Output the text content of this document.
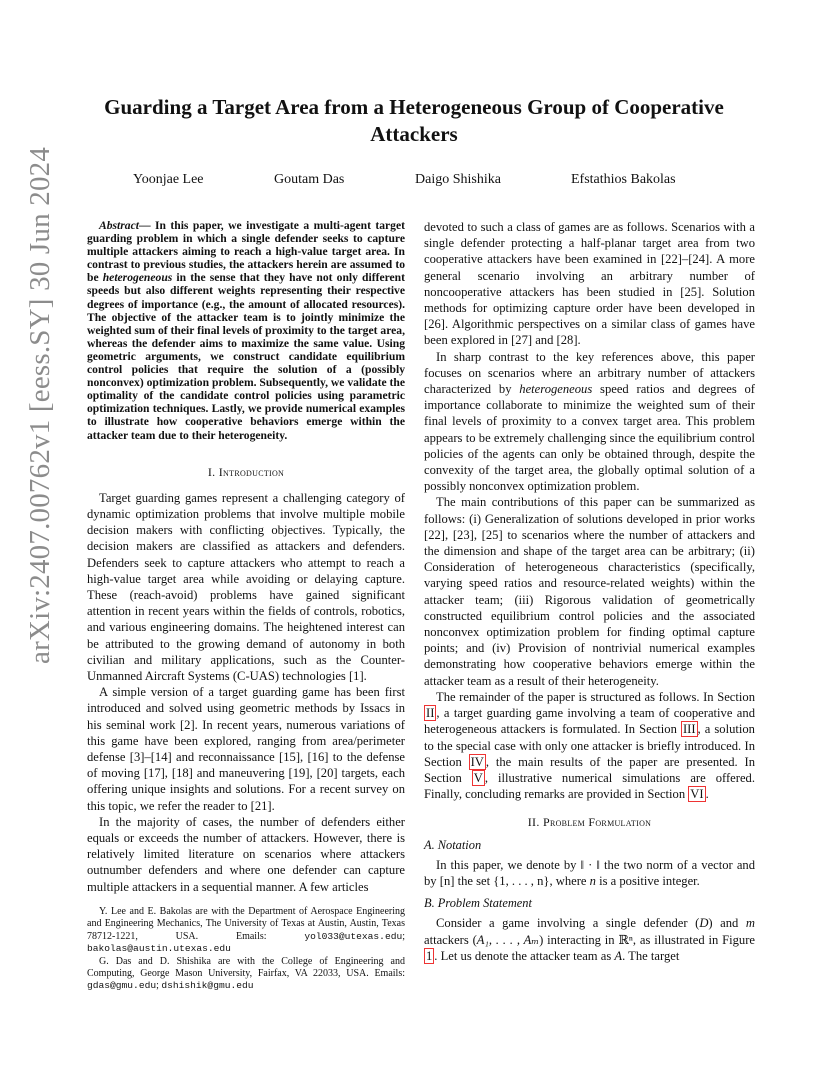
arXiv:2407.00762v1 [eess.SY] 30 Jun 2024
Guarding a Target Area from a Heterogeneous Group of Cooperative Attackers
Yoonjae Lee	Goutam Das	Daigo Shishika	Efstathios Bakolas

Abstract— In this paper, we investigate a multi-agent target guarding problem in which a single defender seeks to capture multiple attackers aiming to reach a high-value target area. In contrast to previous studies, the attackers herein are assumed to be heterogeneous in the sense that they have not only different speeds but also different weights representing their respective degrees of importance (e.g., the amount of allocated resources). The objective of the attacker team is to jointly minimize the weighted sum of their final levels of proximity to the target area, whereas the defender aims to maximize the same value. Using geometric arguments, we construct candidate equilibrium control policies that require the solution of a (possibly nonconvex) optimization problem. Subsequently, we validate the optimality of the candidate control policies using parametric optimization techniques. Lastly, we provide numerical examples to illustrate how cooperative behaviors emerge within the attacker team due to their heterogeneity.

I. Introduction

Target guarding games represent a challenging category of dynamic optimization problems that involve multiple mobile decision makers with conflicting objectives. Typically, the decision makers are classified as attackers and defenders. Defenders seek to capture attackers who attempt to reach a high-value target area while avoiding or delaying capture. These (reach-avoid) problems have gained significant attention in recent years within the fields of controls, robotics, and various engineering domains. The heightened interest can be attributed to the growing demand of autonomy in both civilian and military applications, such as the Counter-Unmanned Aircraft Systems (C-UAS) technologies [1].

A simple version of a target guarding game has been first introduced and solved using geometric methods by Issacs in his seminal work [2]. In recent years, numerous variations of this game have been explored, ranging from area/perimeter defense [3]–[14] and reconnaissance [15], [16] to the defense of moving [17], [18] and maneuvering [19], [20] targets, each offering unique insights and solutions. For a recent survey on this topic, we refer the reader to [21].

In the majority of cases, the number of defenders either equals or exceeds the number of attackers. However, there is relatively limited literature on scenarios where attackers outnumber defenders and where one defender can capture multiple attackers in a sequential manner. A few articles

Y. Lee and E. Bakolas are with the Department of Aerospace Engineering and Engineering Mechanics, The University of Texas at Austin, Austin, Texas 78712-1221, USA. Emails: yol033@utexas.edu; bakolas@austin.utexas.edu

G. Das and D. Shishika are with the College of Engineering and Computing, George Mason University, Fairfax, VA 22033, USA. Emails: gdas@gmu.edu; dshishik@gmu.edu

devoted to such a class of games are as follows. Scenarios with a single defender protecting a half-planar target area from two cooperative attackers have been examined in [22]–[24]. A more general scenario involving an arbitrary number of noncooperative attackers has been studied in [25]. Solution methods for optimizing capture order have been developed in [26]. Algorithmic perspectives on a similar class of games have been explored in [27] and [28].

In sharp contrast to the key references above, this paper focuses on scenarios where an arbitrary number of attackers characterized by heterogeneous speed ratios and degrees of importance collaborate to minimize the weighted sum of their final levels of proximity to a convex target area. This problem appears to be extremely challenging since the equilibrium control policies of the agents can only be obtained through, despite the convexity of the target area, the globally optimal solution of a possibly nonconvex optimization problem.

The main contributions of this paper can be summarized as follows: (i) Generalization of solutions developed in prior works [22], [23], [25] to scenarios where the number of attackers and the dimension and shape of the target area can be arbitrary; (ii) Consideration of heterogeneous characteristics (specifically, varying speed ratios and resource-related weights) within the attacker team; (iii) Rigorous validation of geometrically constructed equilibrium control policies and the associated nonconvex optimization problem for finding optimal capture points; and (iv) Provision of nontrivial numerical examples demonstrating how cooperative behaviors emerge within the attacker team as a result of their heterogeneity.

The remainder of the paper is structured as follows. In Section II , a target guarding game involving a team of cooperative and heterogeneous attackers is formulated. In Section III , a solution to the special case with only one attacker is briefly introduced. In Section IV , the main results of the paper are presented. In Section V , illustrative numerical simulations are offered. Finally, concluding remarks are provided in Section VI .

II. Problem Formulation
A. Notation

In this paper, we denote by ‖ · ‖ the two norm of a vector and by [n] the set {1, . . . , n}, where n is a positive integer.

B. Problem Statement

Consider a game involving a single defender (D) and m attackers (A₁, . . . , Aₘ) interacting in ℝⁿ, as illustrated in Figure 1 . Let us denote the attacker team as A. The target
